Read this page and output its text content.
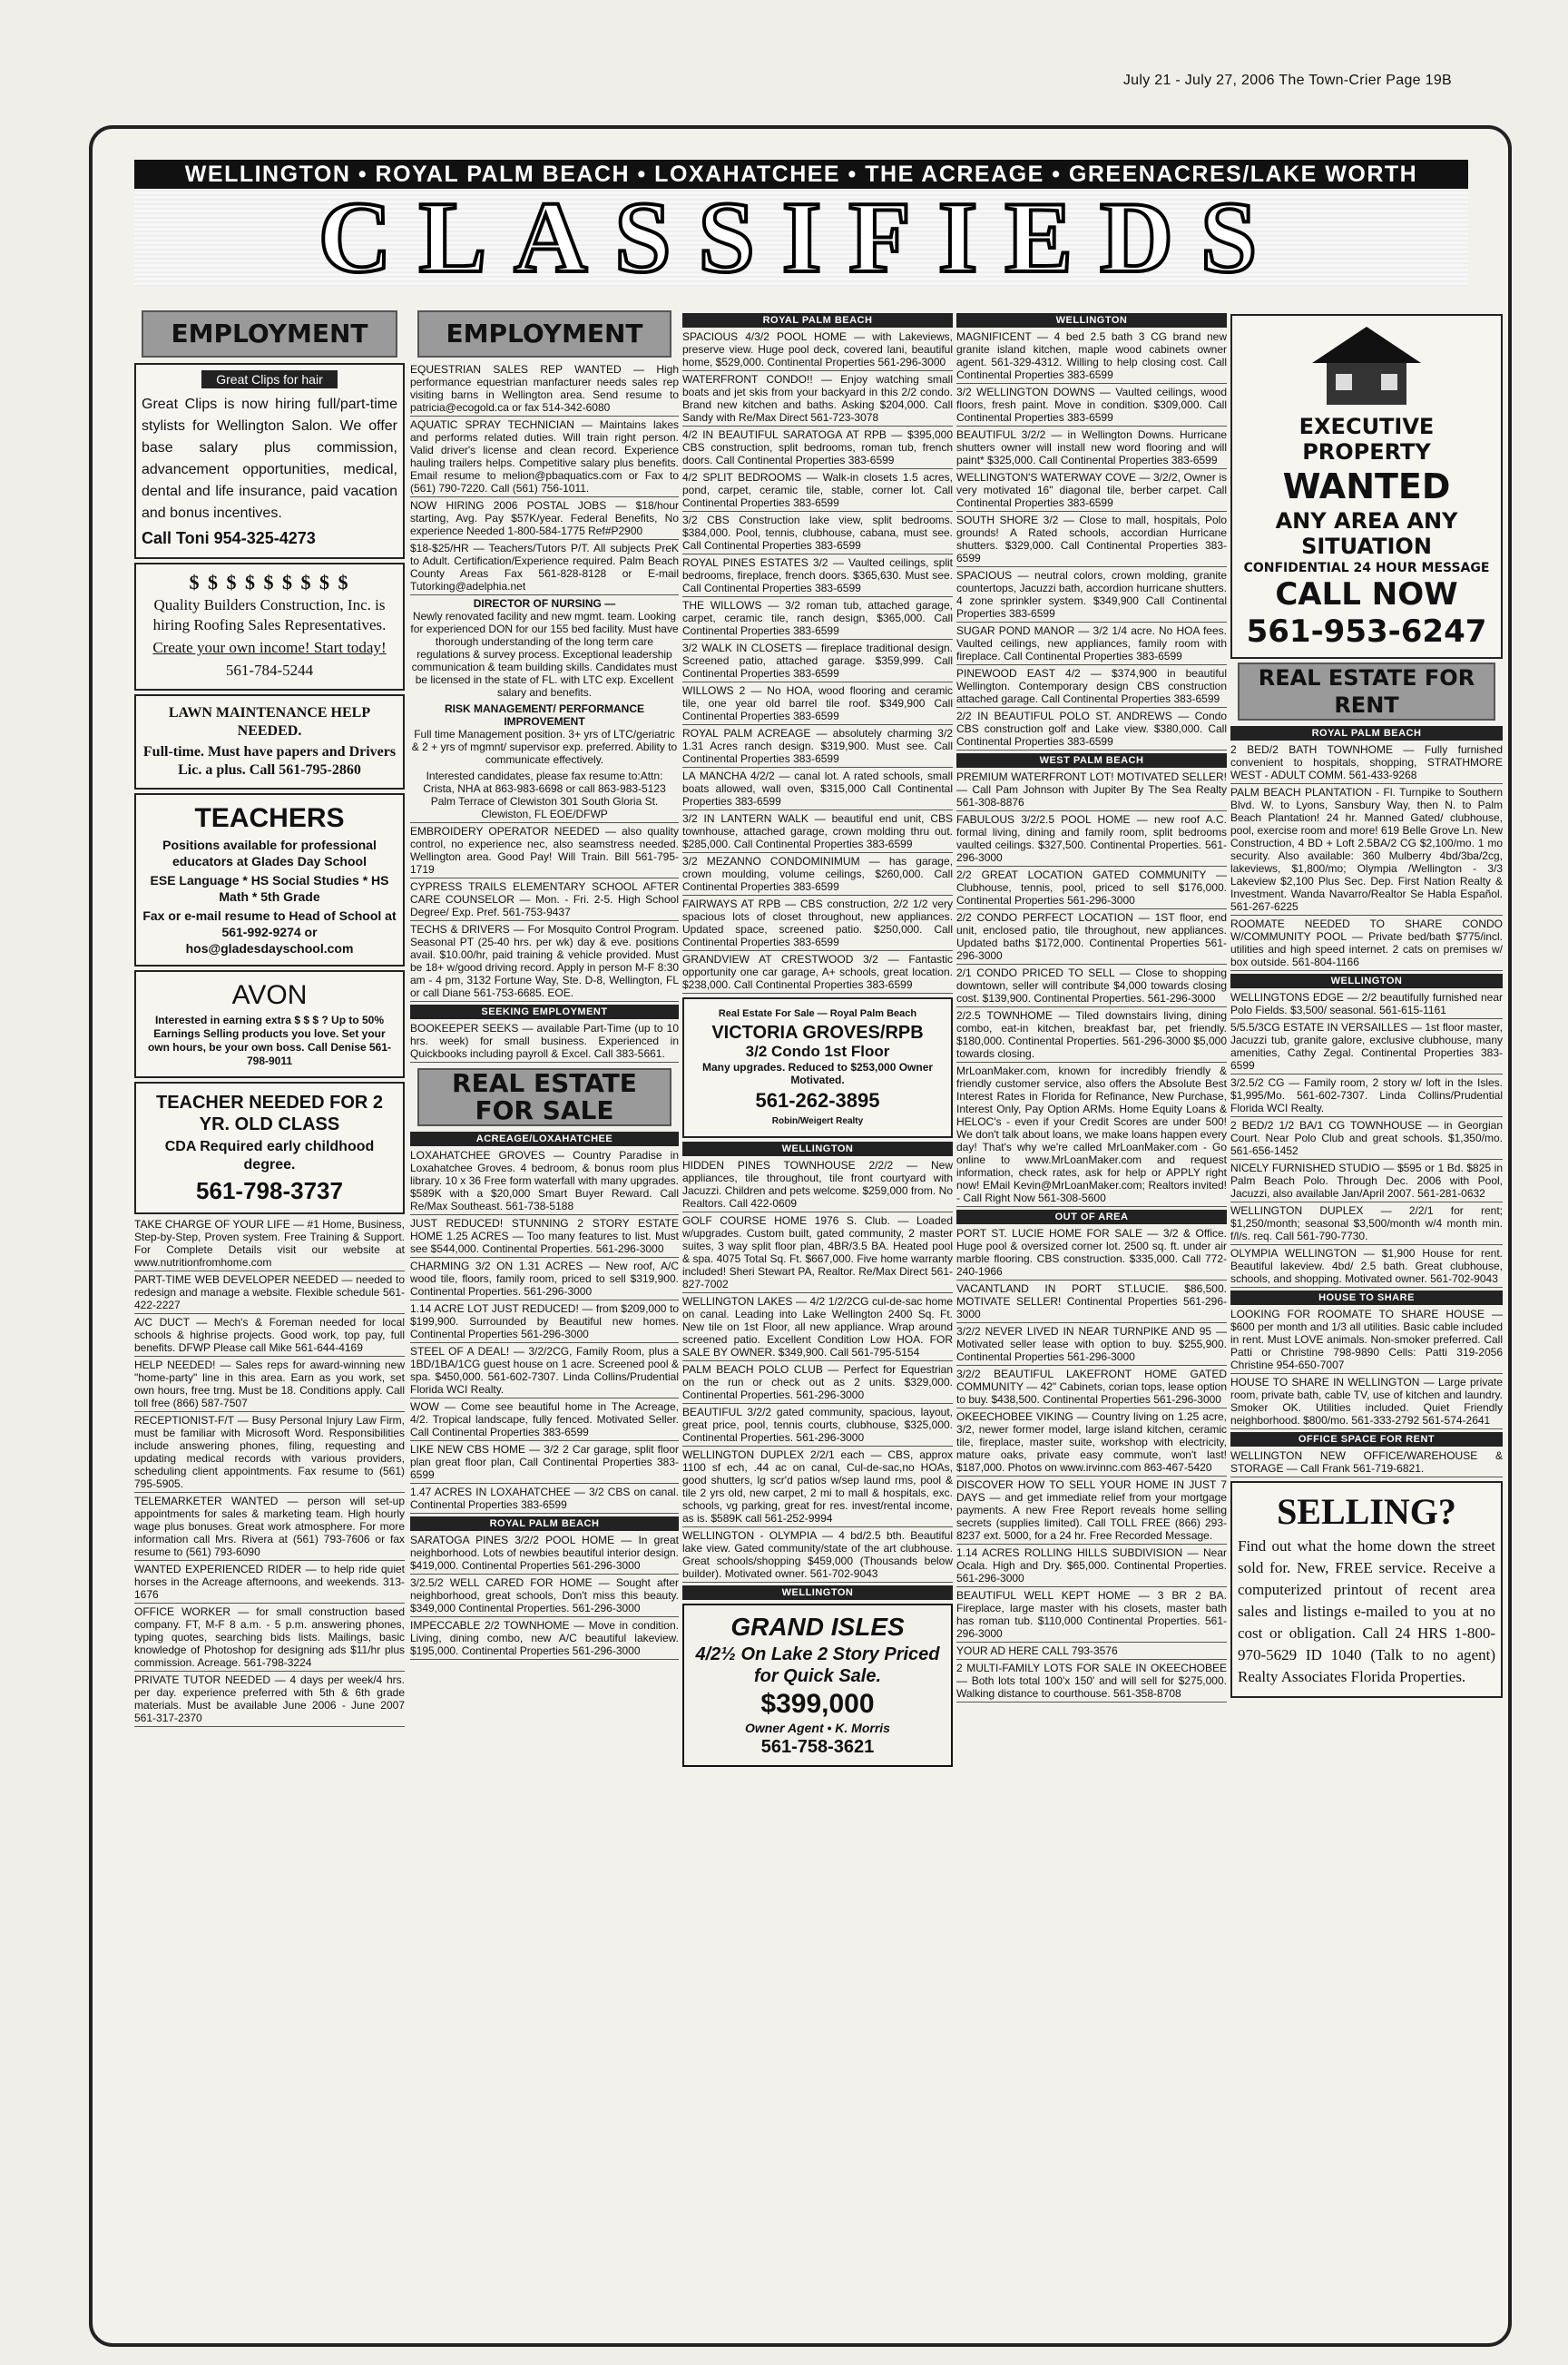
July 21 - July 27, 2006 The Town-Crier Page 19B
WELLINGTON • ROYAL PALM BEACH • LOXAHATCHEE • THE ACREAGE • GREENACRES/LAKE WORTH
CLASSIFIEDS
EMPLOYMENT
Great Clips for hair

Great Clips is now hiring full/part-time stylists for Wellington Salon. We offer base salary plus commission, advancement opportunities, medical, dental and life insurance, paid vacation and bonus incentives.

Call Toni 954-325-4273

$ $ $ $ $ $ $ $ $

Quality Builders Construction, Inc. is hiring Roofing Sales Representatives.

Create your own income! Start today!

561-784-5244

LAWN MAINTENANCE HELP NEEDED.

Full-time. Must have papers and Drivers Lic. a plus. Call 561-795-2860

TEACHERS

Positions available for professional educators at Glades Day School

ESE Language * HS Social Studies * HS Math * 5th Grade

Fax or e-mail resume to Head of School at 561-992-9274 or hos@gladesdayschool.com

AVON

Interested in earning extra $ $ $ ? Up to 50% Earnings Selling products you love. Set your own hours, be your own boss. Call Denise 561-798-9011

TEACHER NEEDED FOR 2 YR. OLD CLASS

CDA Required early childhood degree.

561-798-3737

TAKE CHARGE OF YOUR LIFE — #1 Home, Business, Step-by-Step, Proven system. Free Training & Support. For Complete Details visit our website at www.nutritionfromhome.com
PART-TIME WEB DEVELOPER NEEDED — needed to redesign and manage a website. Flexible schedule 561-422-2227
A/C DUCT — Mech's & Foreman needed for local schools & highrise projects. Good work, top pay, full benefits. DFWP Please call Mike 561-644-4169
HELP NEEDED! — Sales reps for award-winning new "home-party" line in this area. Earn as you work, set own hours, free trng. Must be 18. Conditions apply. Call toll free (866) 587-7507
RECEPTIONIST-F/T — Busy Personal Injury Law Firm, must be familiar with Microsoft Word. Responsibilities include answering phones, filing, requesting and updating medical records with various providers, scheduling client appointments. Fax resume to (561) 795-5905.
TELEMARKETER WANTED — person will set-up appointments for sales & marketing team. High hourly wage plus bonuses. Great work atmosphere. For more information call Mrs. Rivera at (561) 793-7606 or fax resume to (561) 793-6090
WANTED EXPERIENCED RIDER — to help ride quiet horses in the Acreage afternoons, and weekends. 313-1676
OFFICE WORKER — for small construction based company. FT, M-F 8 a.m. - 5 p.m. answering phones, typing quotes, searching bids lists. Mailings, basic knowledge of Photoshop for designing ads $11/hr plus commission. Acreage. 561-798-3224
PRIVATE TUTOR NEEDED — 4 days per week/4 hrs. per day. experience preferred with 5th & 6th grade materials. Must be available June 2006 - June 2007 561-317-2370
EMPLOYMENT
EQUESTRIAN SALES REP WANTED — High performance equestrian manfacturer needs sales rep visiting barns in Wellington area. Send resume to patricia@ecogold.ca or fax 514-342-6080
AQUATIC SPRAY TECHNICIAN — Maintains lakes and performs related duties. Will train right person. Valid driver's license and clean record. Experience hauling trailers helps. Competitive salary plus benefits. Email resume to melion@pbaquatics.com or Fax to (561) 790-7220. Call (561) 756-1011.
NOW HIRING 2006 POSTAL JOBS — $18/hour starting, Avg. Pay $57K/year. Federal Benefits, No experience Needed 1-800-584-1775 Ref#P2900
$18-$25/HR — Teachers/Tutors P/T. All subjects PreK to Adult. Certification/Experience required. Palm Beach County Areas Fax 561-828-8128 or E-mail Tutorking@adelphia.net
DIRECTOR OF NURSING —
Newly renovated facility and new mgmt. team. Looking for experienced DON for our 155 bed facility. Must have thorough understanding of the long term care regulations & survey process. Exceptional leadership communication & team building skills. Candidates must be licensed in the state of FL. with LTC exp. Excellent salary and benefits.
RISK MANAGEMENT/ PERFORMANCE IMPROVEMENT
Full time Management position. 3+ yrs of LTC/geriatric & 2 + yrs of mgmnt/ supervisor exp. preferred. Ability to communicate effectively.
Interested candidates, please fax resume to:Attn: Crista, NHA at 863-983-6698 or call 863-983-5123 Palm Terrace of Clewiston 301 South Gloria St. Clewiston, FL EOE/DFWP
EMBROIDERY OPERATOR NEEDED — also quality control, no experience nec, also seamstress needed. Wellington area. Good Pay! Will Train. Bill 561-795-1719
CYPRESS TRAILS ELEMENTARY SCHOOL AFTER CARE COUNSELOR — Mon. - Fri. 2-5. High School Degree/ Exp. Pref. 561-753-9437
TECHS & DRIVERS — For Mosquito Control Program. Seasonal PT (25-40 hrs. per wk) day & eve. positions avail. $10.00/hr, paid training & vehicle provided. Must be 18+ w/good driving record. Apply in person M-F 8:30 am - 4 pm, 3132 Fortune Way, Ste. D-8, Wellington, FL or call Diane 561-753-6685. EOE.
SEEKING EMPLOYMENT
BOOKEEPER SEEKS — available Part-Time (up to 10 hrs. week) for small business. Experienced in Quickbooks including payroll & Excel. Call 383-5661.
REAL ESTATE FOR SALE
ACREAGE/LOXAHATCHEE
LOXAHATCHEE GROVES — Country Paradise in Loxahatchee Groves. 4 bedroom, & bonus room plus library. 10 x 36 Free form waterfall with many upgrades. $589K with a $20,000 Smart Buyer Reward. Call Re/Max Southeast. 561-738-5188
JUST REDUCED! STUNNING 2 STORY ESTATE HOME 1.25 ACRES — Too many features to list. Must see $544,000. Continental Properties. 561-296-3000
CHARMING 3/2 ON 1.31 ACRES — New roof, A/C wood tile, floors, family room, priced to sell $319,900. Continental Properties. 561-296-3000
1.14 ACRE LOT JUST REDUCED! — from $209,000 to $199,900. Surrounded by Beautiful new homes. Continental Properties 561-296-3000
STEEL OF A DEAL! — 3/2/2CG, Family Room, plus a 1BD/1BA/1CG guest house on 1 acre. Screened pool & spa. $450,000. 561-602-7307. Linda Collins/Prudential Florida WCI Realty.
WOW — Come see beautiful home in The Acreage, 4/2. Tropical landscape, fully fenced. Motivated Seller. Call Continental Properties 383-6599
LIKE NEW CBS HOME — 3/2 2 Car garage, split floor plan great floor plan, Call Continental Properties 383-6599
1.47 ACRES IN LOXAHATCHEE — 3/2 CBS on canal. Continental Properties 383-6599
ROYAL PALM BEACH
SARATOGA PINES 3/2/2 POOL HOME — In great neighborhood. Lots of newbies beautiful interior design. $419,000. Continental Properties 561-296-3000
3/2.5/2 WELL CARED FOR HOME — Sought after neighborhood, great schools, Don't miss this beauty. $349,000 Continental Properties. 561-296-3000
IMPECCABLE 2/2 TOWNHOME — Move in condition. Living, dining combo, new A/C beautiful lakeview. $195,000. Continental Properties 561-296-3000
ROYAL PALM BEACH
SPACIOUS 4/3/2 POOL HOME — with Lakeviews, preserve view. Huge pool deck, covered lani, beautiful home, $529,000. Continental Properties 561-296-3000
WATERFRONT CONDO!! — Enjoy watching small boats and jet skis from your backyard in this 2/2 condo. Brand new kitchen and baths. Asking $204,000. Call Sandy with Re/Max Direct 561-723-3078
4/2 IN BEAUTIFUL SARATOGA AT RPB — $395,000 CBS construction, split bedrooms, roman tub, french doors. Call Continental Properties 383-6599
4/2 SPLIT BEDROOMS — Walk-in closets 1.5 acres, pond, carpet, ceramic tile, stable, corner lot. Call Continental Properties 383-6599
3/2 CBS Construction lake view, split bedrooms. $384,000. Pool, tennis, clubhouse, cabana, must see. Call Continental Properties 383-6599
ROYAL PINES ESTATES 3/2 — Vaulted ceilings, split bedrooms, fireplace, french doors. $365,630. Must see. Call Continental Properties 383-6599
THE WILLOWS — 3/2 roman tub, attached garage, carpet, ceramic tile, ranch design, $365,000. Call Continental Properties 383-6599
3/2 WALK IN CLOSETS — fireplace traditional design. Screened patio, attached garage. $359,999. Call Continental Properties 383-6599
WILLOWS 2 — No HOA, wood flooring and ceramic tile, one year old barrel tile roof. $349,900 Call Continental Properties 383-6599
ROYAL PALM ACREAGE — absolutely charming 3/2 1.31 Acres ranch design. $319,900. Must see. Call Continental Properties 383-6599
LA MANCHA 4/2/2 — canal lot. A rated schools, small boats allowed, wall oven, $315,000 Call Continental Properties 383-6599
3/2 IN LANTERN WALK — beautiful end unit, CBS townhouse, attached garage, crown molding thru out. $285,000. Call Continental Properties 383-6599
3/2 MEZANNO CONDOMINIMUM — has garage, crown moulding, volume ceilings, $260,000. Call Continental Properties 383-6599
FAIRWAYS AT RPB — CBS construction, 2/2 1/2 very spacious lots of closet throughout, new appliances. Updated space, screened patio. $250,000. Call Continental Properties 383-6599
GRANDVIEW AT CRESTWOOD 3/2 — Fantastic opportunity one car garage, A+ schools, great location. $238,000. Call Continental Properties 383-6599

Real Estate For Sale — Royal Palm Beach

VICTORIA GROVES/RPB

3/2 Condo 1st Floor

Many upgrades. Reduced to $253,000 Owner Motivated.

561-262-3895

Robin/Weigert Realty

WELLINGTON
HIDDEN PINES TOWNHOUSE 2/2/2 — New appliances, tile throughout, tile front courtyard with Jacuzzi. Children and pets welcome. $259,000 from. No Realtors. Call 422-0609
GOLF COURSE HOME 1976 S. Club. — Loaded w/upgrades. Custom built, gated community, 2 master suites, 3 way split floor plan, 4BR/3.5 BA. Heated pool & spa. 4075 Total Sq. Ft. $667,000. Five home warranty included! Sheri Stewart PA, Realtor. Re/Max Direct 561-827-7002
WELLINGTON LAKES — 4/2 1/2/2CG cul-de-sac home on canal. Leading into Lake Wellington 2400 Sq. Ft. New tile on 1st Floor, all new appliance. Wrap around screened patio. Excellent Condition Low HOA. FOR SALE BY OWNER. $349,900. Call 561-795-5154
PALM BEACH POLO CLUB — Perfect for Equestrian on the run or check out as 2 units. $329,000. Continental Properties. 561-296-3000
BEAUTIFUL 3/2/2 gated community, spacious, layout, great price, pool, tennis courts, clubhouse, $325,000. Continental Properties. 561-296-3000
WELLINGTON DUPLEX 2/2/1 each — CBS, approx 1100 sf ech, .44 ac on canal, Cul-de-sac,no HOAs, good shutters, lg scr'd patios w/sep laund rms, pool & tile 2 yrs old, new carpet, 2 mi to mall & hospitals, exc. schools, vg parking, great for res. invest/rental income, as is. $589K call 561-252-9994
WELLINGTON - OLYMPIA — 4 bd/2.5 bth. Beautiful lake view. Gated community/state of the art clubhouse. Great schools/shopping $459,000 (Thousands below builder). Motivated owner. 561-702-9043
WELLINGTON

GRAND ISLES

4/2½ On Lake 2 Story Priced for Quick Sale.

$399,000

Owner Agent • K. Morris

561-758-3621

WELLINGTON
MAGNIFICENT — 4 bed 2.5 bath 3 CG brand new granite island kitchen, maple wood cabinets owner agent. 561-329-4312. Willing to help closing cost. Call Continental Properties 383-6599
3/2 WELLINGTON DOWNS — Vaulted ceilings, wood floors, fresh paint. Move in condition. $309,000. Call Continental Properties 383-6599
BEAUTIFUL 3/2/2 — in Wellington Downs. Hurricane shutters owner will install new word flooring and will paint* $325,000. Call Continental Properties 383-6599
WELLINGTON'S WATERWAY COVE — 3/2/2, Owner is very motivated 16" diagonal tile, berber carpet. Call Continental Properties 383-6599
SOUTH SHORE 3/2 — Close to mall, hospitals, Polo grounds! A Rated schools, accordian Hurricane shutters. $329,000. Call Continental Properties 383-6599
SPACIOUS — neutral colors, crown molding, granite countertops, Jacuzzi bath, accordion hurricane shutters. 4 zone sprinkler system. $349,900 Call Continental Properties 383-6599
SUGAR POND MANOR — 3/2 1/4 acre. No HOA fees. Vaulted ceilings, new appliances, family room with fireplace. Call Continental Properties 383-6599
PINEWOOD EAST 4/2 — $374,900 in beautiful Wellington. Contemporary design CBS construction attached garage. Call Continental Properties 383-6599
2/2 IN BEAUTIFUL POLO ST. ANDREWS — Condo CBS construction golf and Lake view. $380,000. Call Continental Properties 383-6599
WEST PALM BEACH
PREMIUM WATERFRONT LOT! MOTIVATED SELLER! — Call Pam Johnson with Jupiter By The Sea Realty 561-308-8876
FABULOUS 3/2/2.5 POOL HOME — new roof A.C. formal living, dining and family room, split bedrooms vaulted ceilings. $327,500. Continental Properties. 561-296-3000
2/2 GREAT LOCATION GATED COMMUNITY — Clubhouse, tennis, pool, priced to sell $176,000. Continental Properties 561-296-3000
2/2 CONDO PERFECT LOCATION — 1ST floor, end unit, enclosed patio, tile throughout, new appliances. Updated baths $172,000. Continental Properties 561-296-3000
2/1 CONDO PRICED TO SELL — Close to shopping downtown, seller will contribute $4,000 towards closing cost. $139,900. Continental Properties. 561-296-3000
2/2.5 TOWNHOME — Tiled downstairs living, dining combo, eat-in kitchen, breakfast bar, pet friendly. $180,000. Continental Properties. 561-296-3000 $5,000 towards closing.
MrLoanMaker.com, known for incredibly friendly & friendly customer service, also offers the Absolute Best Interest Rates in Florida for Refinance, New Purchase, Interest Only, Pay Option ARMs. Home Equity Loans & HELOC's - even if your Credit Scores are under 500! We don't talk about loans, we make loans happen every day! That's why we're called MrLoanMaker.com - Go online to www.MrLoanMaker.com and request information, check rates, ask for help or APPLY right now! EMail Kevin@MrLoanMaker.com; Realtors invited! - Call Right Now 561-308-5600
OUT OF AREA
PORT ST. LUCIE HOME FOR SALE — 3/2 & Office. Huge pool & oversized corner lot. 2500 sq. ft. under air marble flooring. CBS construction. $335,000. Call 772-240-1966
VACANTLAND IN PORT ST.LUCIE. $86,500. MOTIVATE SELLER! Continental Properties 561-296-3000
3/2/2 NEVER LIVED IN NEAR TURNPIKE AND 95 — Motivated seller lease with option to buy. $255,900. Continental Properties 561-296-3000
3/2/2 BEAUTIFUL LAKEFRONT HOME GATED COMMUNITY — 42" Cabinets, corian tops, lease option to buy. $438,500. Continental Properties 561-296-3000
OKEECHOBEE VIKING — Country living on 1.25 acre, 3/2, newer former model, large island kitchen, ceramic tile, fireplace, master suite, workshop with electricity, mature oaks, private easy commute, won't last! $187,000. Photos on www.irvinnc.com 863-467-5420
DISCOVER HOW TO SELL YOUR HOME IN JUST 7 DAYS — and get immediate relief from your mortgage payments. A new Free Report reveals home selling secrets (supplies limited). Call TOLL FREE (866) 293-8237 ext. 5000, for a 24 hr. Free Recorded Message.
1.14 ACRES ROLLING HILLS SUBDIVISION — Near Ocala. High and Dry. $65,000. Continental Properties. 561-296-3000
BEAUTIFUL WELL KEPT HOME — 3 BR 2 BA. Fireplace, large master with his closets, master bath has roman tub. $110,000 Continental Properties. 561-296-3000
YOUR AD HERE CALL 793-3576
2 MULTI-FAMILY LOTS FOR SALE IN OKEECHOBEE — Both lots total 100'x 150' and will sell for $275,000. Walking distance to courthouse. 561-358-8708

EXECUTIVE PROPERTY

WANTED

ANY AREA ANY SITUATION

CONFIDENTIAL 24 HOUR MESSAGE

CALL NOW

561-953-6247

REAL ESTATE FOR RENT
ROYAL PALM BEACH
2 BED/2 BATH TOWNHOME — Fully furnished convenient to hospitals, shopping, STRATHMORE WEST - ADULT COMM. 561-433-9268
PALM BEACH PLANTATION - Fl. Turnpike to Southern Blvd. W. to Lyons, Sansbury Way, then N. to Palm Beach Plantation! 24 hr. Manned Gated/ clubhouse, pool, exercise room and more! 619 Belle Grove Ln. New Construction, 4 BD + Loft 2.5BA/2 CG $2,100/mo. 1 mo security. Also available: 360 Mulberry 4bd/3ba/2cg, lakeviews, $1,800/mo; Olympia /Wellington - 3/3 Lakeview $2,100 Plus Sec. Dep. First Nation Realty & Investment. Wanda Navarro/Realtor Se Habla Español. 561-267-6225
ROOMATE NEEDED TO SHARE CONDO W/COMMUNITY POOL — Private bed/bath $775/incl. utilities and high speed internet. 2 cats on premises w/ box outside. 561-804-1166
WELLINGTON
WELLINGTONS EDGE — 2/2 beautifully furnished near Polo Fields. $3,500/ seasonal. 561-615-1161
5/5.5/3CG ESTATE IN VERSAILLES — 1st floor master, Jacuzzi tub, granite galore, exclusive clubhouse, many amenities, Cathy Zegal. Continental Properties 383-6599
3/2.5/2 CG — Family room, 2 story w/ loft in the Isles. $1,995/Mo. 561-602-7307. Linda Collins/Prudential Florida WCI Realty.
2 BED/2 1/2 BA/1 CG TOWNHOUSE — in Georgian Court. Near Polo Club and great schools. $1,350/mo. 561-656-1452
NICELY FURNISHED STUDIO — $595 or 1 Bd. $825 in Palm Beach Polo. Through Dec. 2006 with Pool, Jacuzzi, also available Jan/April 2007. 561-281-0632
WELLINGTON DUPLEX — 2/2/1 for rent; $1,250/month; seasonal $3,500/month w/4 month min. f/l/s. req. Call 561-790-7730.
OLYMPIA WELLINGTON — $1,900 House for rent. Beautiful lakeview. 4bd/ 2.5 bath. Great clubhouse, schools, and shopping. Motivated owner. 561-702-9043
HOUSE TO SHARE
LOOKING FOR ROOMATE TO SHARE HOUSE — $600 per month and 1/3 all utilities. Basic cable included in rent. Must LOVE animals. Non-smoker preferred. Call Patti or Christine 798-9890 Cells: Patti 319-2056 Christine 954-650-7007
HOUSE TO SHARE IN WELLINGTON — Large private room, private bath, cable TV, use of kitchen and laundry. Smoker OK. Utilities included. Quiet Friendly neighborhood. $800/mo. 561-333-2792 561-574-2641
OFFICE SPACE FOR RENT
WELLINGTON NEW OFFICE/WAREHOUSE & STORAGE — Call Frank 561-719-6821.

SELLING?

Find out what the home down the street sold for. New, FREE service. Receive a computerized printout of recent area sales and listings e-mailed to you at no cost or obligation. Call 24 HRS 1-800-970-5629 ID 1040 (Talk to no agent) Realty Associates Florida Properties.
